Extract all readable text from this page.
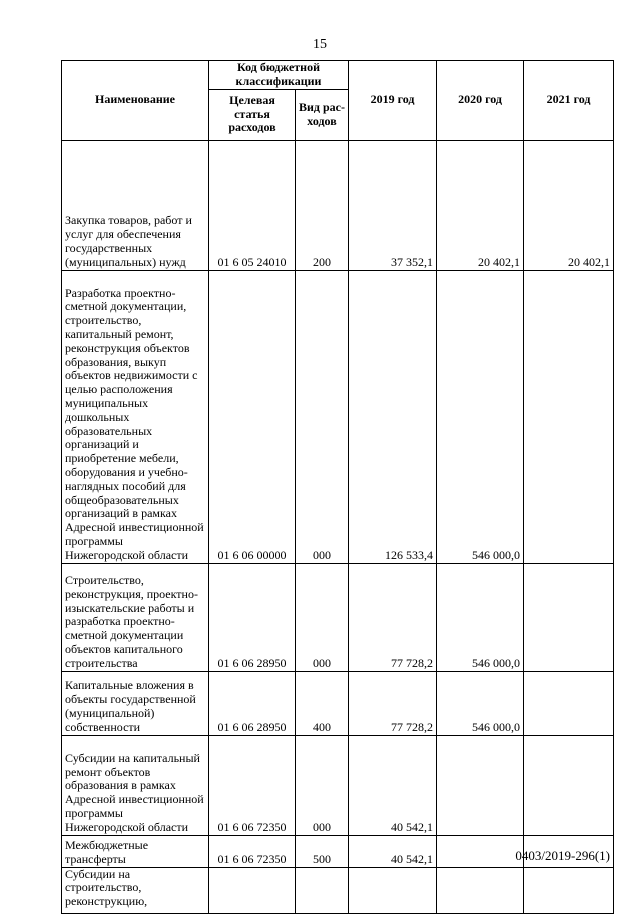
15
Наименование	Код бюджетной классификации		2019 год	2020 год	2021 год
	Целевая статья расходов	Вид рас-ходов			
Закупка товаров, работ и услуг для обеспечения государственных (муниципальных) нужд	01 6 05 24010	200	37 352,1	20 402,1	20 402,1
Разработка проектно-сметной документации, строительство, капитальный ремонт, реконструкция объектов образования, выкуп объектов недвижимости с целью расположения муниципальных дошкольных образовательных организаций и приобретение мебели, оборудования и учебно-наглядных пособий для общеобразовательных организаций в рамках Адресной инвестиционной программы Нижегородской области	01 6 06 00000	000	126 533,4	546 000,0	
Строительство, реконструкция, проектно-изыскательские работы и разработка проектно-сметной документации объектов капитального строительства	01 6 06 28950	000	77 728,2	546 000,0	
Капитальные вложения в объекты государственной (муниципальной) собственности	01 6 06 28950	400	77 728,2	546 000,0	
Субсидии на капитальный ремонт объектов образования в рамках Адресной инвестиционной программы Нижегородской области	01 6 06 72350	000	40 542,1		
Межбюджетные трансферты	01 6 06 72350	500	40 542,1		
Субсидии на строительство, реконструкцию,					
0403/2019-296(1)
